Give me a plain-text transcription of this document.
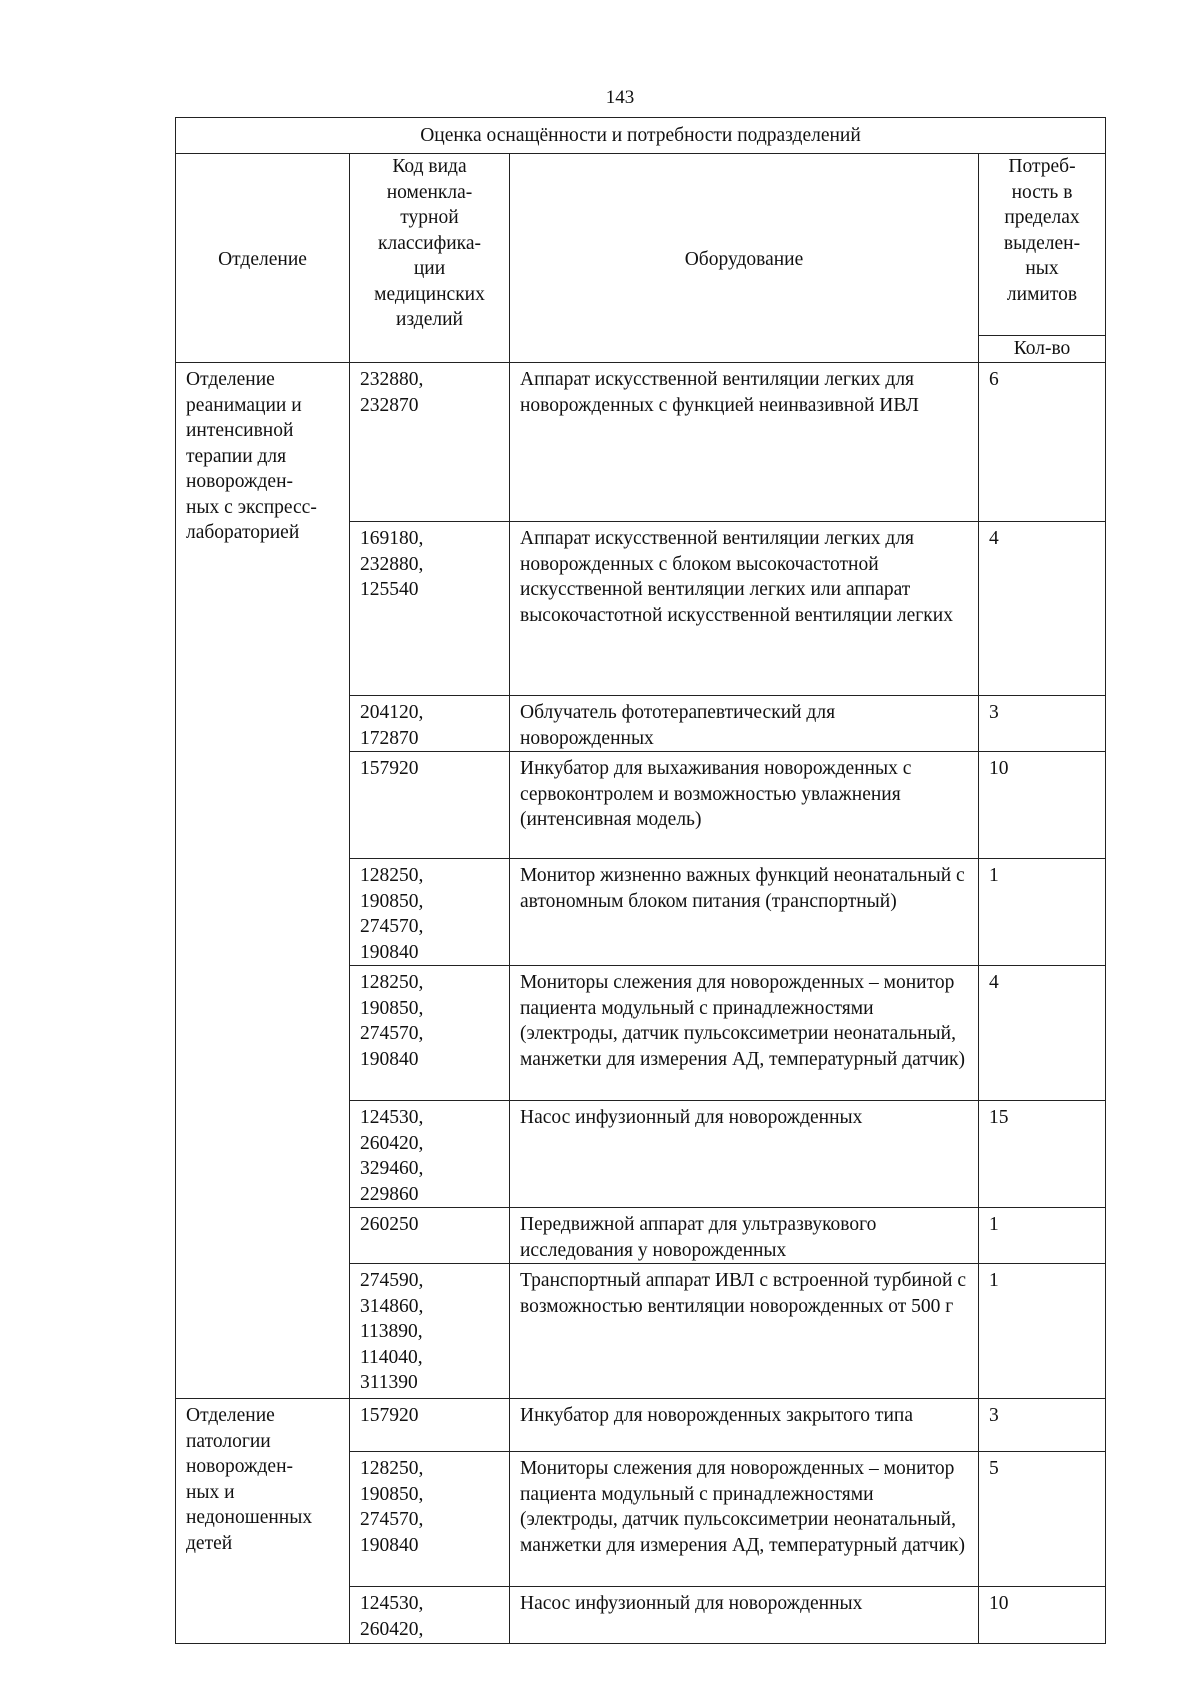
143
Оценка оснащённости и потребности подразделений			
Отделение	Код вида номенкла- турной классифика- ции медицинских изделий	Оборудование	Потреб- ность в пределах выделен- ных лимитов

			Кол-во
Отделение реанимации и интенсивной терапии для новорожден-
ных с экспресс-
лабораторией	232880,
232870	Аппарат искусственной вентиляции легких для новорожденных с функцией неинвазивной ИВЛ	6
	169180,
232880,
125540	Аппарат искусственной вентиляции легких для новорожденных с блоком высокочастотной искусственной вентиляции легких или аппарат высокочастотной искусственной вентиляции легких	4
	204120,
172870	Облучатель фототерапевтический для новорожденных	3
	157920	Инкубатор для выхаживания новорожденных с сервоконтролем и возможностью увлажнения (интенсивная модель)	10
	128250,
190850,
274570,
190840	Монитор жизненно важных функций неонатальный с автономным блоком питания (транспортный)	1
	128250,
190850,
274570,
190840	Мониторы слежения для новорожденных – монитор пациента модульный с принадлежностями (электроды, датчик пульсоксиметрии неонатальный, манжетки для измерения АД, температурный датчик)	4
	124530,
260420,
329460,
229860	Насос инфузионный для новорожденных	15
	260250	Передвижной аппарат для ультразвукового исследования у новорожденных	1
	274590,
314860,
113890,
114040,
311390	Транспортный аппарат ИВЛ с встроенной турбиной с возможностью вентиляции новорожденных от 500 г	1
Отделение патологии новорожден-
ных и недоношенных детей	157920	Инкубатор для новорожденных закрытого типа	3
	128250,
190850,
274570,
190840	Мониторы слежения для новорожденных – монитор пациента модульный с принадлежностями (электроды, датчик пульсоксиметрии неонатальный, манжетки для измерения АД, температурный датчик)	5
	124530,
260420,	Насос инфузионный для новорожденных	10
